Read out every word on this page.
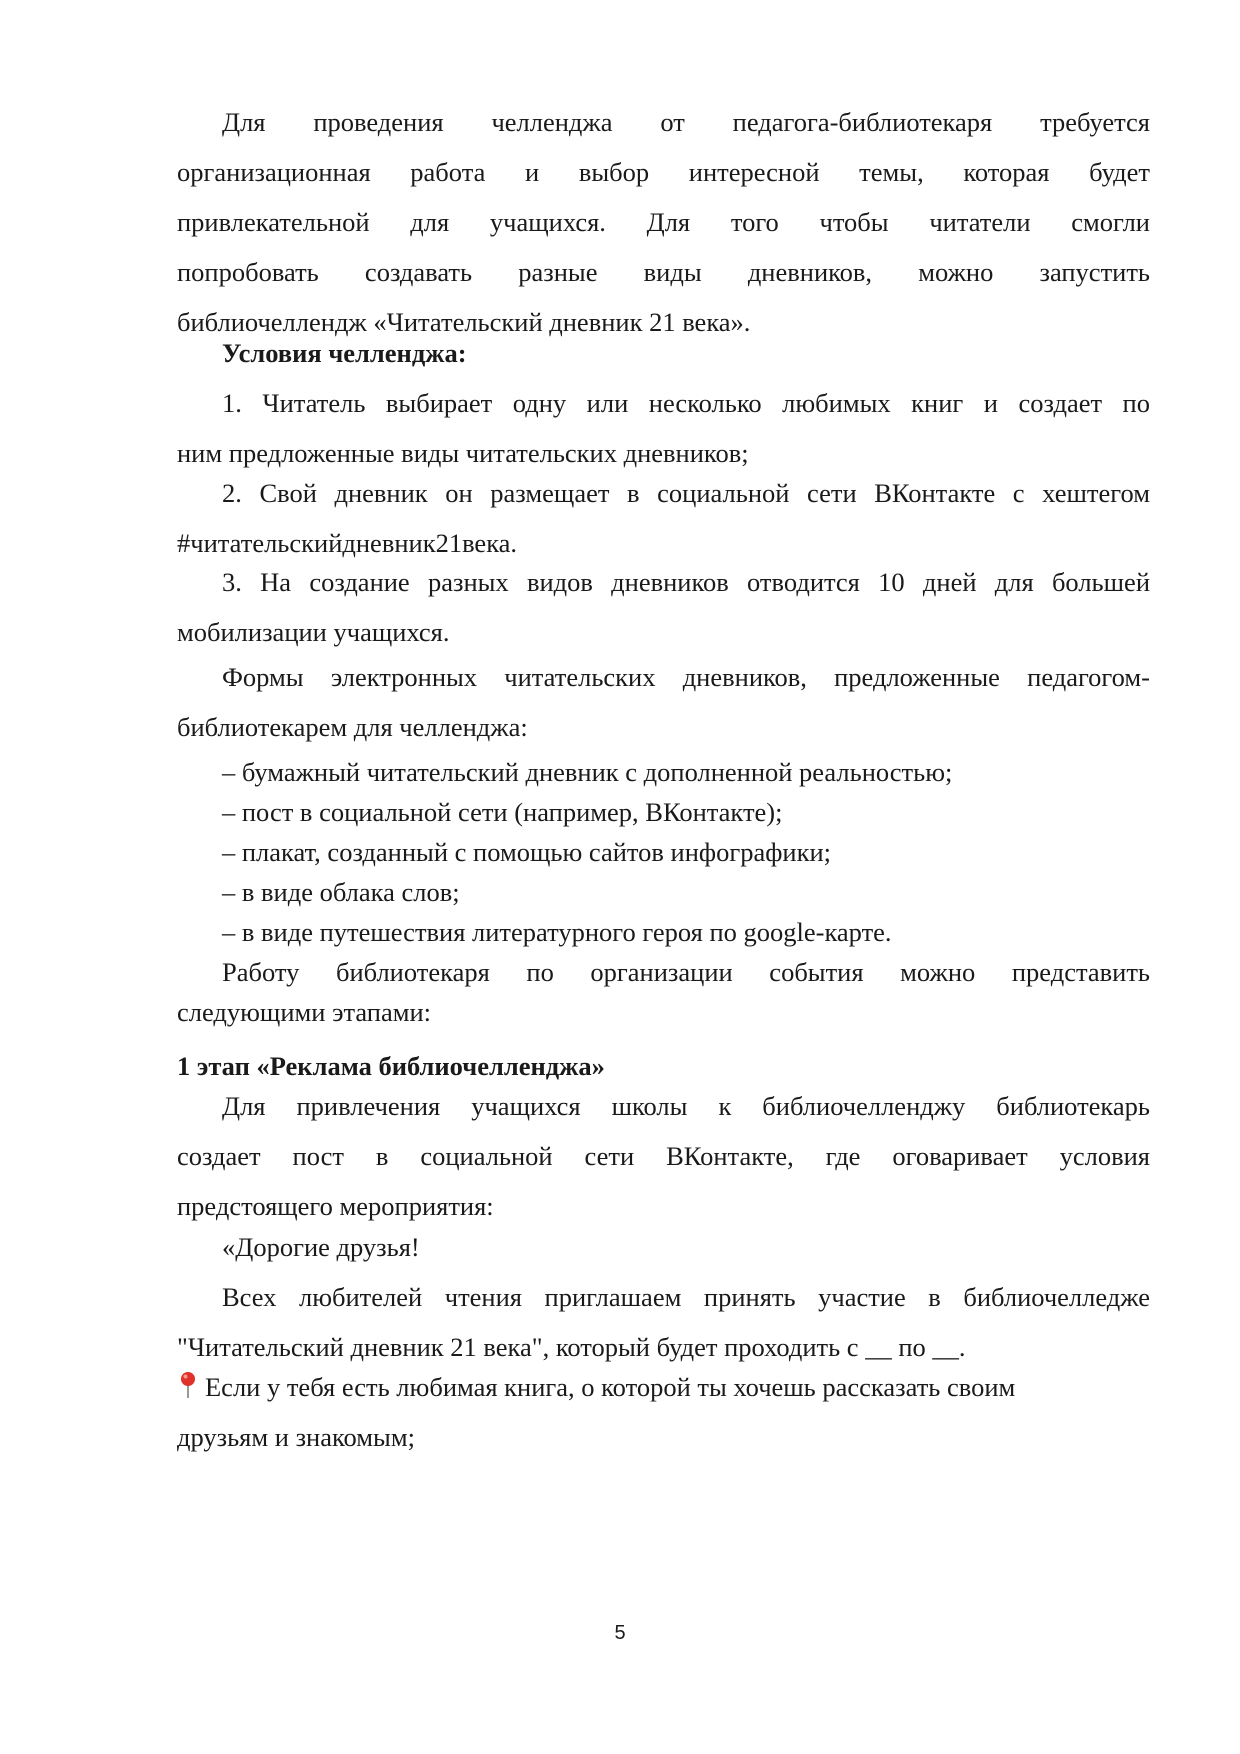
Для проведения челленджа от педагога-библиотекаря требуется
организационная работа и выбор интересной темы, которая будет
привлекательной для учащихся. Для того чтобы читатели смогли
попробовать создавать разные виды дневников, можно запустить
библиочеллендж «Читательский дневник 21 века».
Условия челленджа:
1. Читатель выбирает одну или несколько любимых книг и создает по
ним предложенные виды читательских дневников;
2. Свой дневник он размещает в социальной сети ВКонтакте с хештегом
#читательскийдневник21века.
3. На создание разных видов дневников отводится 10 дней для большей
мобилизации учащихся.
Формы электронных читательских дневников, предложенные педагогом-
библиотекарем для челленджа:
– бумажный читательский дневник с дополненной реальностью;
– пост в социальной сети (например, ВКонтакте);
– плакат, созданный с помощью сайтов инфографики;
– в виде облака слов;
– в виде путешествия литературного героя по google-карте.
Работу библиотекаря по организации события можно представить
следующими этапами:
1 этап «Реклама библиочелленджа»
Для привлечения учащихся школы к библиочелленджу библиотекарь
создает пост в социальной сети ВКонтакте, где оговаривает условия
предстоящего мероприятия:
«Дорогие друзья!
Всех любителей чтения приглашаем принять участие в библиочелледже
"Читательский дневник 21 века", который будет проходить с __ по __.
Если у тебя есть любимая книга, о которой ты хочешь рассказать своим
друзьям и знакомым;
5
